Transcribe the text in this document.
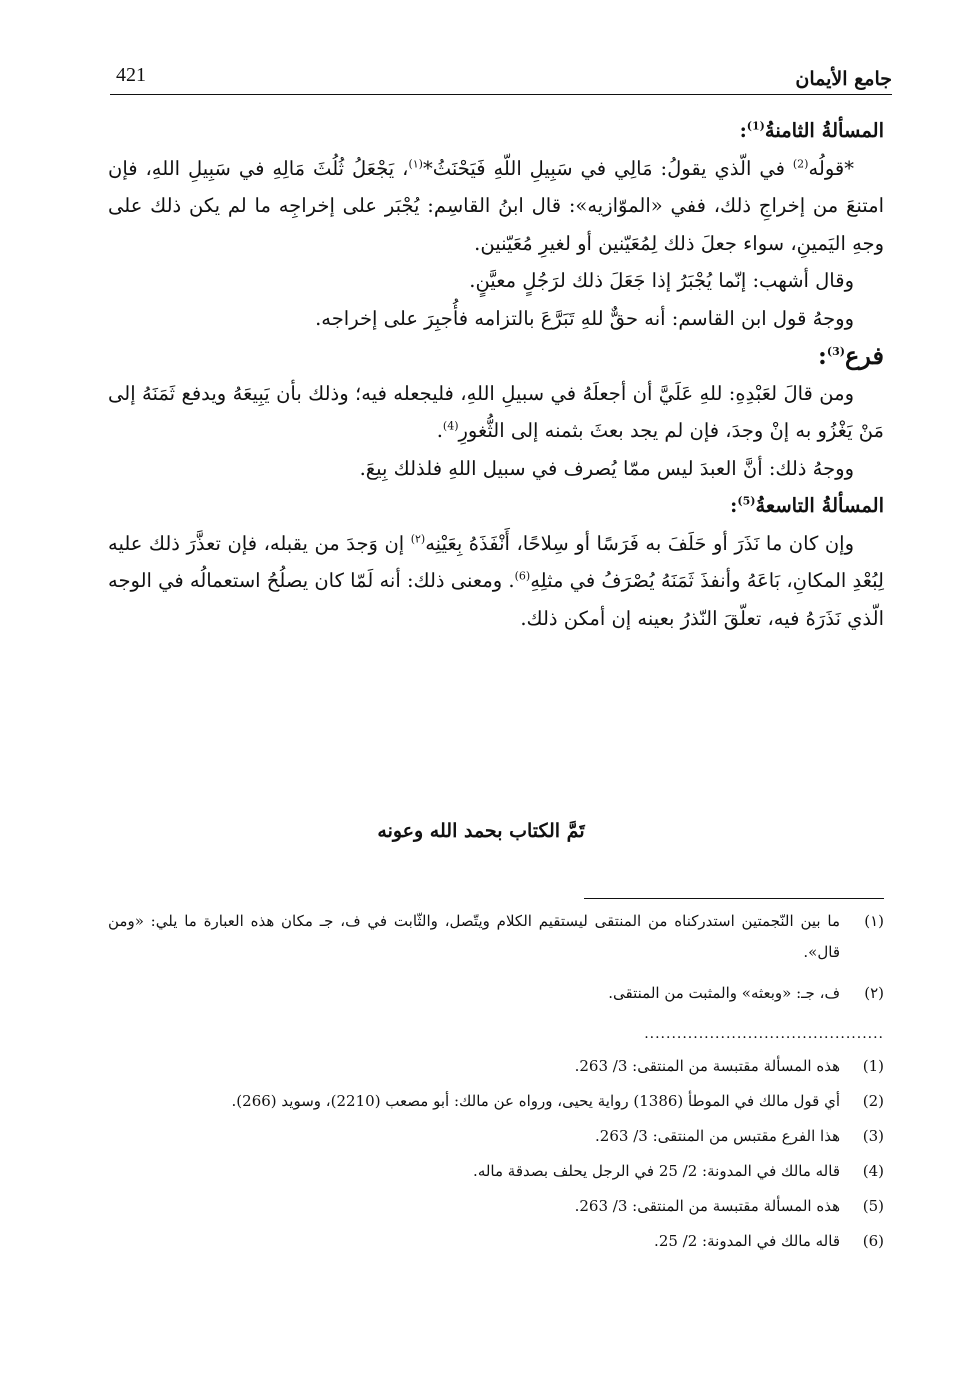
جامع الأيمان
421

المسألةُ الثامنةُ$^{(1)}$:

*قولُه$^{(2)}$ في الّذي يقولُ: مَالِي في سَبِيلِ اللّهِ فَيَحْنَثُ*$^{(١)}$، يَجْعَلُ ثُلُثَ مَالِهِ في سَبِيلِ اللهِ، فإن امتنعَ من إخراجِ ذلك، ففي «الموّازيه»: قال ابنُ القاسِم: يُجْبَر على إخراجِه ما لم يكن ذلك على وجهِ اليَمينِ، سواء جعلَ ذلك لِمُعَيّنين أو لغيرِ مُعَيّنين.

وقال أشهب: إنّما يُجْبَرُ إذا جَعَلَ ذلك لرَجُلٍ معيَّنٍ.

ووجهُ قول ابن القاسم: أنه حقٌّ للهِ تَبَرَّعَ بالتزامه فأُجبِرَ على إخراجه.

فرع$^{(3)}$:

ومن قالَ لعَبْدِهِ: للهِ عَلَيَّ أن أجعلَهُ في سبيلِ اللهِ، فليجعله فيه؛ وذلك بأن يَبِيعَهُ ويدفع ثَمَنَهُ إلى مَنْ يَغْزُو به إنْ وجدَ، فإن لم يجد بعثَ بثمنه إلى الثُّغورِ$^{(4)}$.

ووجهُ ذلك: أنَّ العبدَ ليس ممّا يُصرف في سبيل اللهِ فلذلك بِيعَ.

المسألةُ التاسعةُ$^{(5)}$:

وإن كان ما نَذَرَ أو حَلَفَ به فَرَسًا أو سِلاحًا، أَنْفَذَهُ بِعَيْنِه$^{(٢)}$ إن وَجدَ من يقبله، فإن تعذَّرَ ذلك عليه لِبُعْدِ المكانِ، بَاعَهُ وأنفذَ ثَمَنَهُ يُصْرَفُ في مثلِهِ$^{(6)}$. ومعنى ذلك: أنه لَمّا كان يصلُحُ استعمالُه في الوجه الّذي نَذَرَهُ فيه، تعلّقَ النّذرُ بعينه إن أمكن ذلك.

تَمَّ الكتاب بحمد الله وعونه
(١)
ما بين النّجمتين استدركناه من المنتقى ليستقيم الكلام ويتّصل، والثّابت في ف، جـ مكان هذه العبارة ما يلي: «ومن قال».
(٢)
ف، جـ: «وبعثه» والمثبت من المنتقى.
............................................
(1)
هذه المسألة مقتبسة من المنتقى: 3/ 263.
(2)
أي قول مالك في الموطأ (1386) رواية يحيى، ورواه عن مالك: أبو مصعب (2210)، وسويد (266).
(3)
هذا الفرع مقتبس من المنتقى: 3/ 263.
(4)
قاله مالك في المدونة: 2/ 25 في الرجل يحلف بصدقة ماله.
(5)
هذه المسألة مقتبسة من المنتقى: 3/ 263.
(6)
قاله مالك في المدونة: 2/ 25.
